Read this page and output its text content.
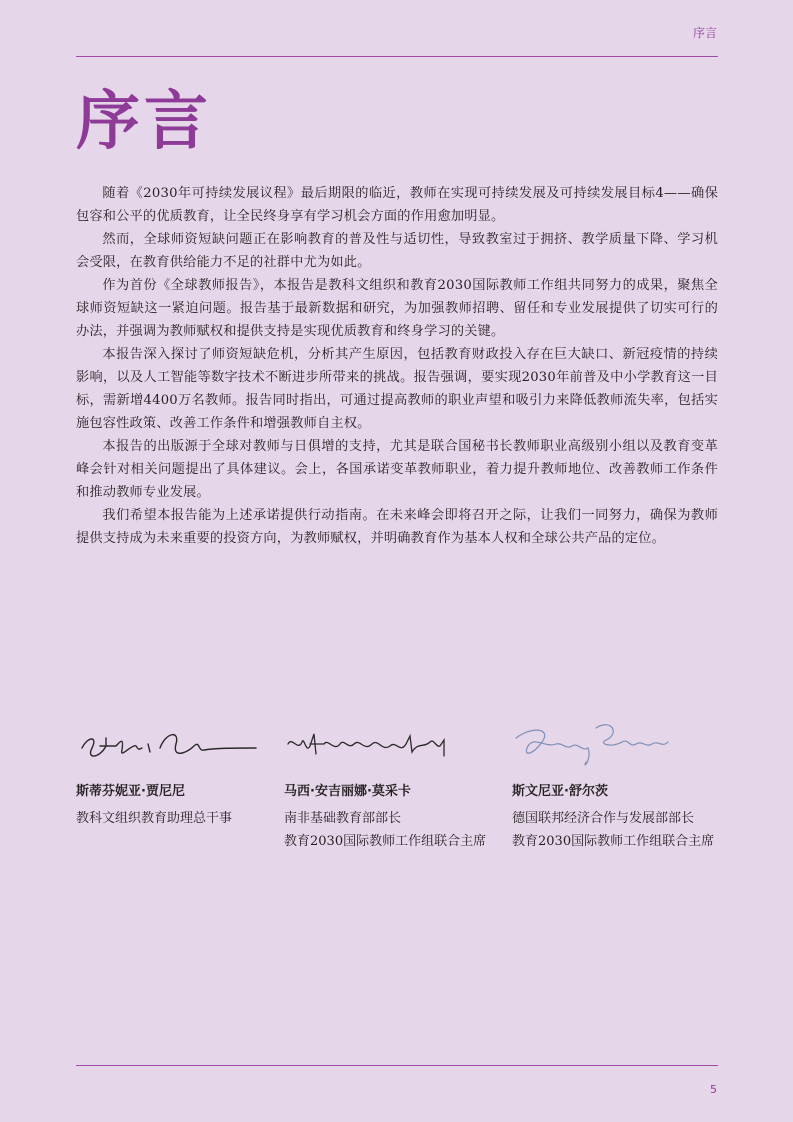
序言
序言

随着《2030年可持续发展议程》最后期限的临近，教师在实现可持续发展及可持续发展目标4——确保包容和公平的优质教育，让全民终身享有学习机会方面的作用愈加明显。

然而，全球师资短缺问题正在影响教育的普及性与适切性，导致教室过于拥挤、教学质量下降、学习机会受限，在教育供给能力不足的社群中尤为如此。

作为首份《全球教师报告》，本报告是教科文组织和教育2030国际教师工作组共同努力的成果，聚焦全球师资短缺这一紧迫问题。报告基于最新数据和研究，为加强教师招聘、留任和专业发展提供了切实可行的办法，并强调为教师赋权和提供支持是实现优质教育和终身学习的关键。

本报告深入探讨了师资短缺危机，分析其产生原因，包括教育财政投入存在巨大缺口、新冠疫情的持续影响，以及人工智能等数字技术不断进步所带来的挑战。报告强调，要实现2030年前普及中小学教育这一目标，需新增4400万名教师。报告同时指出，可通过提高教师的职业声望和吸引力来降低教师流失率，包括实施包容性政策、改善工作条件和增强教师自主权。

本报告的出版源于全球对教师与日俱增的支持，尤其是联合国秘书长教师职业高级别小组以及教育变革峰会针对相关问题提出了具体建议。会上，各国承诺变革教师职业，着力提升教师地位、改善教师工作条件和推动教师专业发展。

我们希望本报告能为上述承诺提供行动指南。在未来峰会即将召开之际，让我们一同努力，确保为教师提供支持成为未来重要的投资方向，为教师赋权，并明确教育作为基本人权和全球公共产品的定位。

斯蒂芬妮亚·贾尼尼
教科文组织教育助理总干事
马西·安吉丽娜·莫采卡
南非基础教育部部长
教育2030国际教师工作组联合主席
斯文尼亚·舒尔茨
德国联邦经济合作与发展部部长
教育2030国际教师工作组联合主席
5
